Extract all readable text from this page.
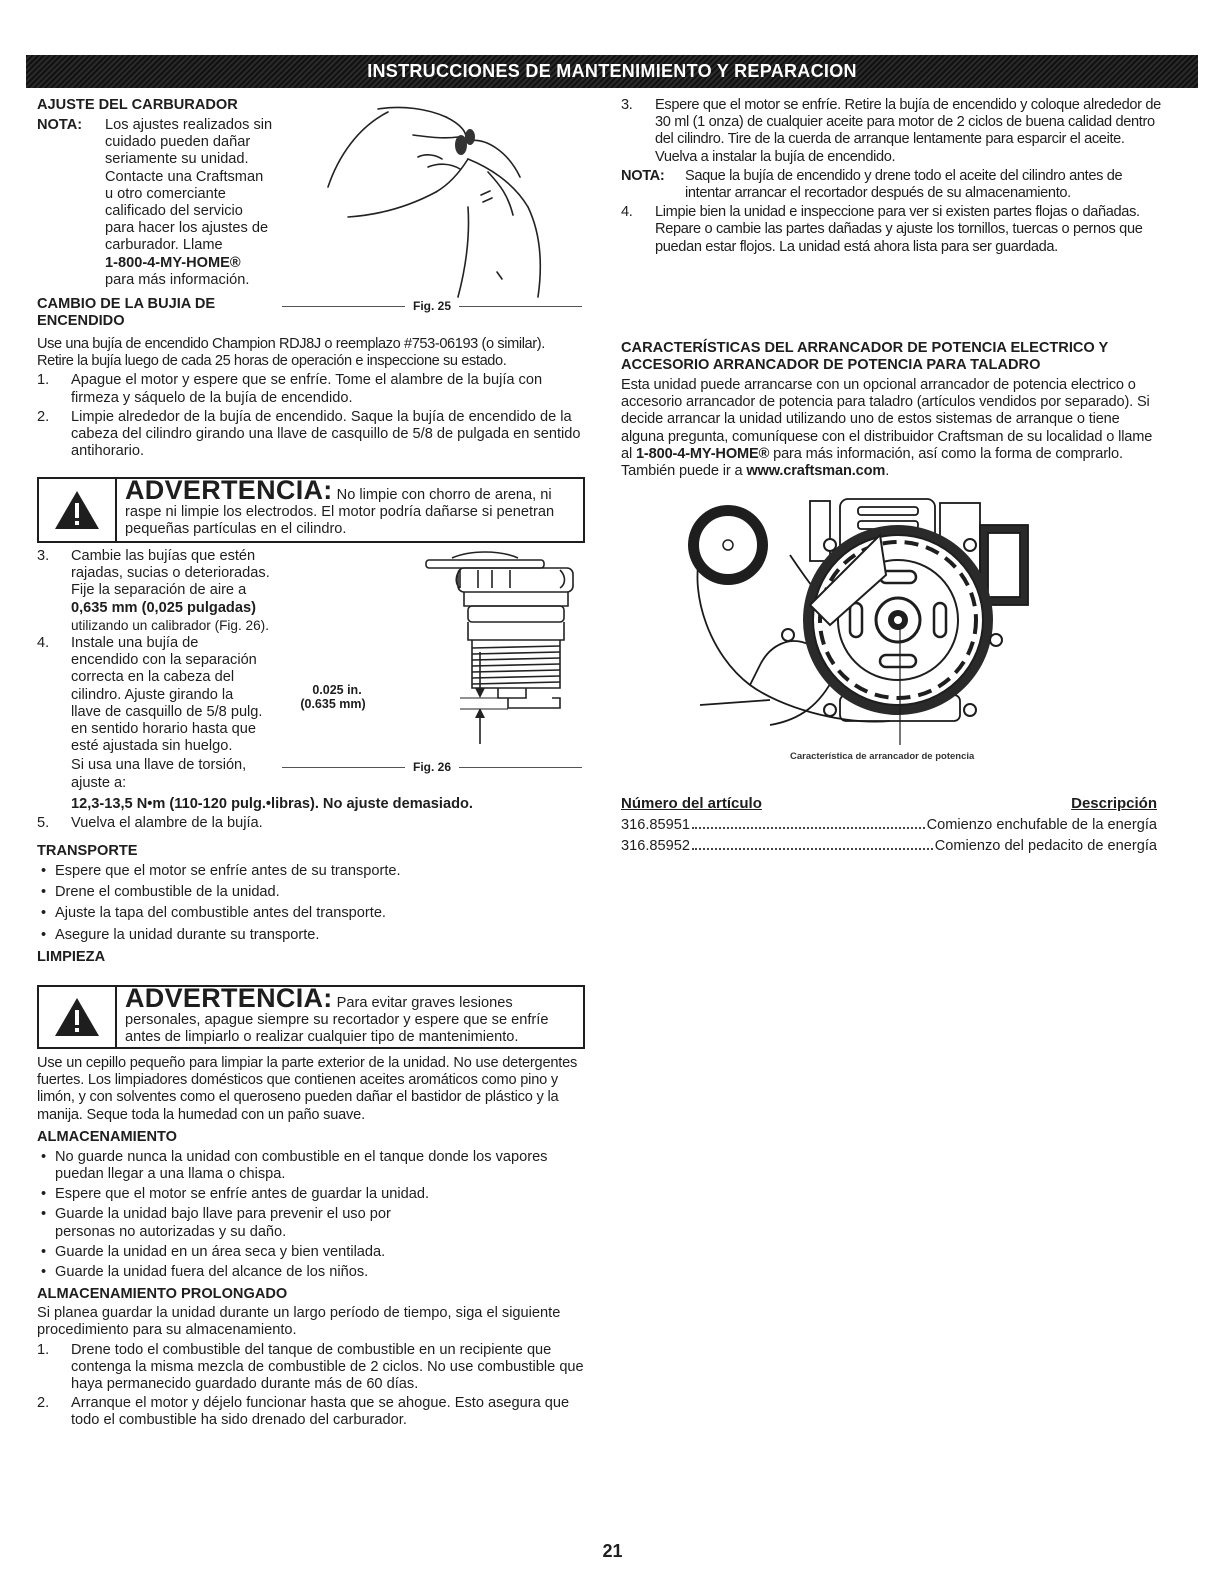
INSTRUCCIONES DE MANTENIMIENTO Y REPARACION
AJUSTE DEL CARBURADOR
NOTA: Los ajustes realizados sin
cuidado pueden dañar
seriamente su unidad.
Contacte una Craftsman
u otro comerciante
calificado del servicio
para hacer los ajustes de
carburador. Llame
1-800-4-MY-HOME®
para más información.
CAMBIO DE LA BUJIA DE
ENCENDIDO
Fig. 25

Use una bujía de encendido Champion RDJ8J o reemplazo #753-06193 (o similar). Retire la bujía luego de cada 25 horas de operación e inspeccione su estado.

1. Apague el motor y espere que se enfríe. Tome el alambre de la bujía con firmeza y sáquelo de la bujía de encendido.
2. Limpie alrededor de la bujía de encendido. Saque la bujía de encendido de la cabeza del cilindro girando una llave de casquillo de 5/8 de pulgada en sentido antihorario.
ADVERTENCIA: No limpie con chorro de arena, ni raspe ni limpie los electrodos. El motor podría dañarse si penetran pequeñas partículas en el cilindro.
3. Cambie las bujías que estén
rajadas, sucias o deterioradas.
Fije la separación de aire a
0,635 mm (0,025 pulgadas)
utilizando un calibrador (Fig. 26).
4. Instale una bujía de
encendido con la separación
correcta en la cabeza del
cilindro. Ajuste girando la
llave de casquillo de 5/8 pulg.
en sentido horario hasta que
esté ajustada sin huelgo.
Si usa una llave de torsión,
ajuste a:
0.025 in.
(0.635 mm)
Fig. 26
12,3-13,5 N•m (110-120 pulg.•libras). No ajuste demasiado.
5. Vuelva el alambre de la bujía.
TRANSPORTE
• Espere que el motor se enfríe antes de su transporte.
• Drene el combustible de la unidad.
• Ajuste la tapa del combustible antes del transporte.
• Asegure la unidad durante su transporte.
LIMPIEZA
ADVERTENCIA: Para evitar graves lesiones personales, apague siempre su recortador y espere que se enfríe antes de limpiarlo o realizar cualquier tipo de mantenimiento.

Use un cepillo pequeño para limpiar la parte exterior de la unidad. No use detergentes fuertes. Los limpiadores domésticos que contienen aceites aromáticos como pino y limón, y con solventes como el queroseno pueden dañar el bastidor de plástico y la manija. Seque toda la humedad con un paño suave.

ALMACENAMIENTO
• No guarde nunca la unidad con combustible en el tanque donde los vapores puedan llegar a una llama o chispa.
• Espere que el motor se enfríe antes de guardar la unidad.
• Guarde la unidad bajo llave para prevenir el uso por personas no autorizadas y su daño.
• Guarde la unidad en un área seca y bien ventilada.
• Guarde la unidad fuera del alcance de los niños.
ALMACENAMIENTO PROLONGADO

Si planea guardar la unidad durante un largo período de tiempo, siga el siguiente procedimiento para su almacenamiento.

1. Drene todo el combustible del tanque de combustible en un recipiente que contenga la misma mezcla de combustible de 2 ciclos. No use combustible que haya permanecido guardado durante más de 60 días.
2. Arranque el motor y déjelo funcionar hasta que se ahogue. Esto asegura que todo el combustible ha sido drenado del carburador.
3. Espere que el motor se enfríe. Retire la bujía de encendido y coloque alrededor de 30 ml (1 onza) de cualquier aceite para motor de 2 ciclos de buena calidad dentro del cilindro. Tire de la cuerda de arranque lentamente para esparcir el aceite. Vuelva a instalar la bujía de encendido.
NOTA: Saque la bujía de encendido y drene todo el aceite del cilindro antes de intentar arrancar el recortador después de su almacenamiento.
4. Limpie bien la unidad e inspeccione para ver si existen partes flojas o dañadas. Repare o cambie las partes dañadas y ajuste los tornillos, tuercas o pernos que puedan estar flojos. La unidad está ahora lista para ser guardada.
CARACTERÍSTICAS DEL ARRANCADOR DE POTENCIA ELECTRICO Y
ACCESORIO ARRANCADOR DE POTENCIA PARA TALADRO

Esta unidad puede arrancarse con un opcional arrancador de potencia electrico o accesorio arrancador de potencia para taladro (artículos vendidos por separado). Si decide arrancar la unidad utilizando uno de estos sistemas de arranque o tiene alguna pregunta, comuníquese con el distribuidor Craftsman de su localidad o llame al 1-800-4-MY-HOME® para más información, así como la forma de comprarlo. También puede ir a www.craftsman.com.

Característica de arrancador de potencia
Número del artículo	Descripción
316.85951	Comienzo enchufable de la energía
316.85952	Comienzo del pedacito de energía
21
